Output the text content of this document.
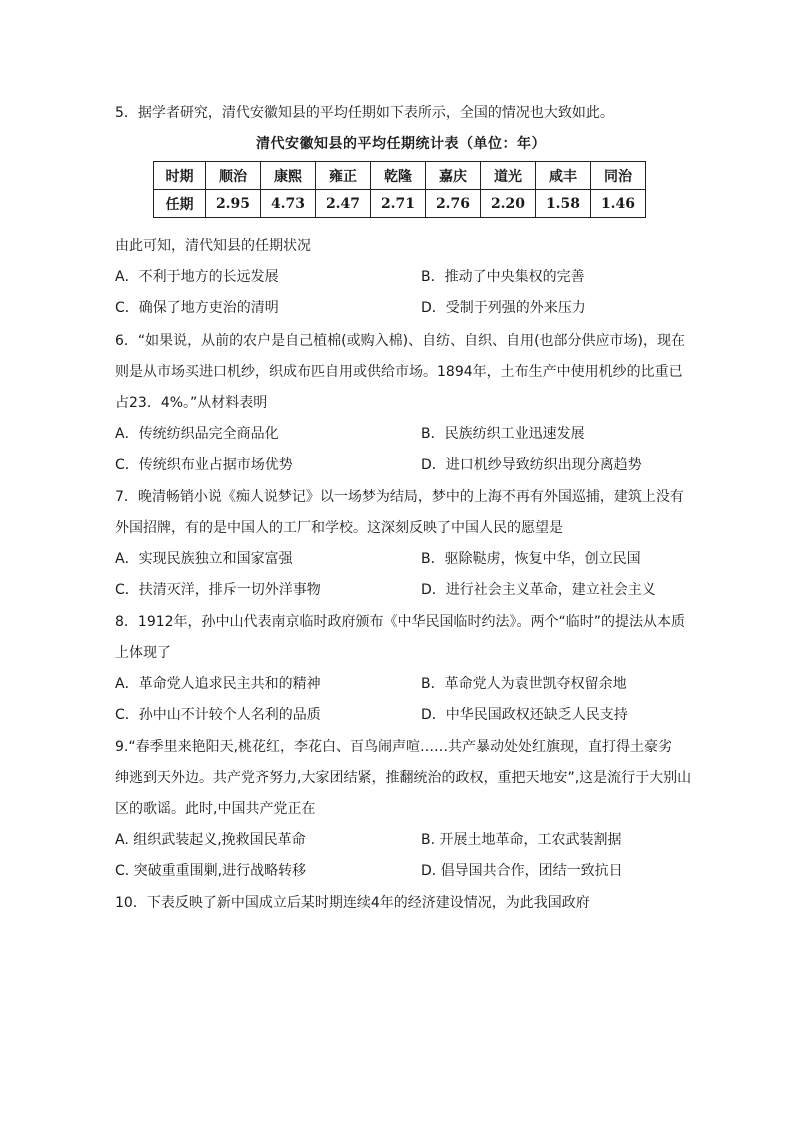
5．据学者研究，清代安徽知县的平均任期如下表所示，全国的情况也大致如此。
清代安徽知县的平均任期统计表（单位：年）
时期	顺治	康熙	雍正	乾隆	嘉庆	道光	咸丰	同治
任期	2.95	4.73	2.47	2.71	2.76	2.20	1.58	1.46
由此可知，清代知县的任期状况
A．不利于地方的长远发展	B．推动了中央集权的完善
C．确保了地方吏治的清明	D．受制于列强的外来压力
6．“如果说，从前的农户是自己植棉(或购入棉)、自纺、自织、自用(也部分供应市场)，现在
则是从市场买进口机纱，织成布匹自用或供给市场。1894年，土布生产中使用机纱的比重已
占23．4%。”从材料表明
A．传统纺织品完全商品化	B．民族纺织工业迅速发展
C．传统织布业占据市场优势	D．进口机纱导致纺织出现分离趋势
7．晚清畅销小说《痴人说梦记》以一场梦为结局，梦中的上海不再有外国巡捕，建筑上没有
外国招牌，有的是中国人的工厂和学校。这深刻反映了中国人民的愿望是
A．实现民族独立和国家富强	B．驱除鞑虏，恢复中华，创立民国
C．扶清灭洋，排斥一切外洋事物	D．进行社会主义革命，建立社会主义
8．1912年，孙中山代表南京临时政府颁布《中华民国临时约法》。两个“临时”的提法从本质
上体现了
A．革命党人追求民主共和的精神	B．革命党人为袁世凯夺权留余地
C．孙中山不计较个人名利的品质	D．中华民国政权还缺乏人民支持
9.“春季里来艳阳天,桃花红，李花白、百鸟闹声喧……共产暴动处处红旗现，直打得土豪劣
绅逃到天外边。共产党齐努力,大家团结紧，推翻统治的政权，重把天地安”,这是流行于大别山
区的歌谣。此时,中国共产党正在
A. 组织武装起义,挽救国民革命	B. 开展土地革命，工农武装割据
C. 突破重重围剿,进行战略转移	D. 倡导国共合作，团结一致抗日
10．下表反映了新中国成立后某时期连续4年的经济建设情况，为此我国政府
